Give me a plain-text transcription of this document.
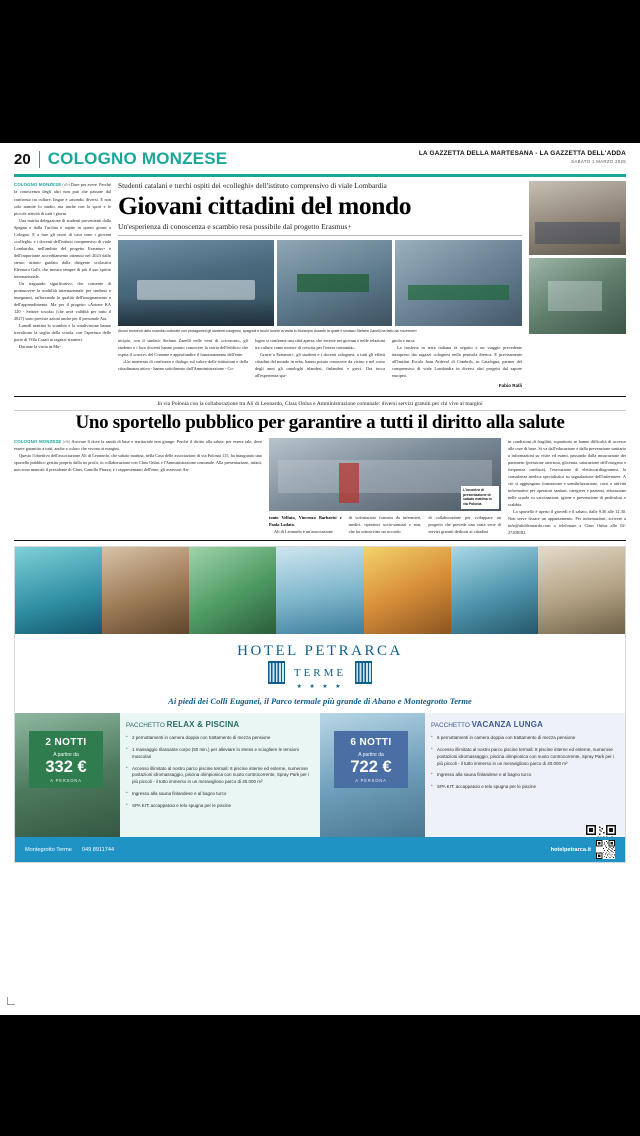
20 COLOGNO MONZESE	LA GAZZETTA DELLA MARTESANA - LA GAZZETTA DELL'ADDA
SABATO 1 MARZO 2025

COLOGNO MONZESE (rfb) Dare per avere. Perché la conoscenza degli altri non può che passare dal confronto tra culture, lingue e «mondi» diversi. E non solo tramite lo studio, ma anche con lo sport e le piccole attività di tutti i giorni.

Una nutrita delegazione di studenti provenienti dalla Spagna e dalla Turchia è ospite in questi giorni a Cologno. E a fare gli onori di casa sono i giovani «colleghi» e i docenti dell'istituto comprensivo di viale Lombardia, nell'ambito del progetto Erasmus+ e dell'importante accreditamento ottenuto nel 2023 dallo stesso istituto guidato dalla dirigente scolastica Eleonora Galli, che mostra sempre di più il suo spirito internazionale.

Un traguardo significativo, che consente di promuovere la mobilità internazionale per studenti e insegnanti, rafforzando la qualità dell'insegnamento e dell'apprendimento. Ma per il progetto «Azione KA 120 - Settore scuola» (che avrà validità per tutto il 2027) sono previste azioni anche per il personale Ata.

Lunedì mattina lo scambio e la condivisione hanno travalicato la soglia della scuola, con l'apertura delle porte di Villa Casati ai ragazzi stranieri.

Durante la visita in Mu-

Studenti catalani e turchi ospiti dei «colleghi» dell'istituto comprensivo di viale Lombardia
Giovani cittadini del mondo
Un'esperienza di conoscenza e scambio resa possibile dal progetto Erasmus+
Alcuni momenti dello scambio culturale con protagonisti gli studenti colognesi, spagnoli e turchi lunedì la visita in Municipio durante la quale il sindaco Stefano Zanelli ha fatto da «cicerone»

nicipio, con il sindaco Stefano Zanelli nelle vesti di «cicerone», gli studenti e i loro docenti hanno potuto conoscere la storia dell'edificio che ospita il «cuore» del Comune e approfondire il funzionamento dell'ente.

«Un momento di confronto e dialogo sul valore delle istituzioni e della cittadinanza attiva - hanno sottolineato dall'Amministrazione - Co-

logno si conferma una città aperta, che investe nei giovani e nelle relazioni tra culture come motore di crescita per l'intera comunità».

Grazie a Erasmus+, gli studenti e i docenti colognesi, a tutti gli effetti cittadini del mondo in erba, hanno potuto conoscere da vicino e nel corso degli anni gli omologhi irlandesi, finlandesi e greci. Ora tocca all'esperienza spa-

gnola e turca.

La trasferta in terra italiana fa seguito a un viaggio precedente intrapreso dai ragazzi colognesi nella penisola iberica. E precisamente all'Institut Escola Joan Ardevol di Cambrils, in Catalogna, partner del comprensivo di viale Lombardia in diversi altri progetti dal sapore europeo.

Fabio Ralli
In via Polonia con la collaborazione tra Ali di Leonardo, Class Onlus e Amministrazione comunale: diversi servizi gratuiti per chi vive ai margini
Uno sportello pubblico per garantire a tutti il diritto alla salute

COLOGNO MONZESE (rfb) Arrivare lì dove la sanità di base e territoriale non giunge. Perché il diritto alla salute, per essere tale, deve essere garantito a tutti, anche a coloro che vivono ai margini.

Questo l'obiettivo dell'associazione Ali di Leonardo, che sabato mattina, nella Casa delle associazioni di via Polonia 115, ha inaugurato uno sportello pubblico gestito proprio dalla no profit, in collaborazione con Class Onlus e l'Amministrazione comunale. Alla presentazione, infatti, non sono mancati il presidente di Class, Camillo Piazza, e i rappresentanti dell'ente, gli assessori An-

L'incontro di presentazione di sabato mattina in via Polonia

tonio Velluto, Vincenzo Barbarisi e Paola Lodato.

Ali di Leonardo è un'associazione

di volontariato formata da infermieri, medici, operatori socio-sanitari e non, che ha sottoscritto un accordo

di collaborazione per sviluppare un progetto che prevede una vasta serie di servizi gratuiti dedicati ai cittadini

in condizioni di fragilità, soprattutto se hanno difficoltà di accesso alle cure di base. Si va dall'educazione e dalla prevenzione sanitaria a informazioni su visite ed esami, passando dalla misurazione dei parametri (pressione arteriosa, glicemia, saturazione dell'ossigeno e frequenza cardiaca), l'esecuzione di elettrocardiogrammi, la consulenza medica specialistica su segnalazione dell'infermiere. A ciò si aggiungono formazione e sensibilizzazione, corsi e attività informative per operatori sanitari, caregiver e pazienti, educazione nelle scuole su vaccinazioni, igiene e prevenzione di pediculosi e scabbia.

Lo sportello è aperto il giovedì e il sabato, dalle 9.30 alle 12.30. Non serve fissare un appuntamento. Per informazioni, scrivere a info@alidileonardo.com o telefonare a Class Onlus allo 02-27208182.

HOTEL PETRARCA
TERME
★ ★ ★ ★
Ai piedi dei Colli Euganei, il Parco termale più grande di Abano e Montegrotto Terme
2 NOTTI
A partire da
332 €
A PERSONA
PACCHETTO RELAX & PISCINA
• 2 pernottamenti in camera doppia con trattamento di mezza pensione
• 1 massaggio rilassante corpo (50 min.) per alleviare lo stress e sciogliere le tensioni muscolari
• Accesso illimitato al nostro parco piscine termali: 8 piscine interne ed esterne, numerose postazioni idromassaggio, piscina olimpionica con nuoto controcorrente, Spray Park per i più piccoli - il tutto immerso in un meraviglioso parco di 40.000 m²
• Ingresso alla sauna finlandese e al bagno turco
• SPA KIT: accappatoio e telo spugna per le piscine
6 NOTTI
A partire da
722 €
A PERSONA
PACCHETTO VACANZA LUNGA
• 6 pernottamenti in camera doppia con trattamento di mezza pensione
• Accesso illimitato al nostro parco piscine termali: 8 piscine interne ed esterne, numerose postazioni idromassaggio, piscina olimpionica con nuoto controcorrente, Spray Park per i più piccoli - il tutto immerso in un meraviglioso parco di 40.000 m²
• Ingresso alla sauna finlandese e al bagno turco
• SPA KIT: accappatoio e telo spugna per le piscine
Montegrotto Terme 049 8911744	hotelpetrarca.it
